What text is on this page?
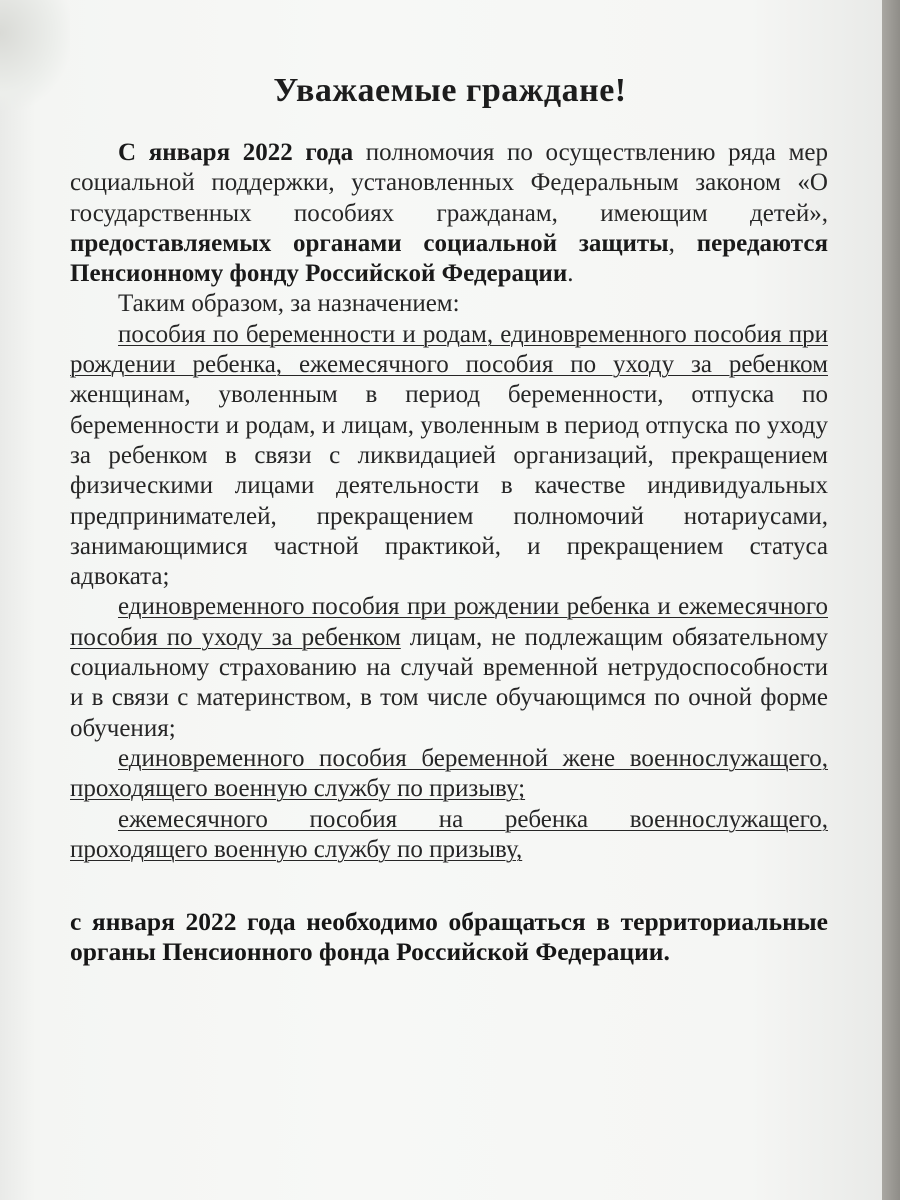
Уважаемые граждане!

С января 2022 года полномочия по осуществлению ряда мер социальной поддержки, установленных Федеральным законом «О государственных пособиях гражданам, имеющим детей», предоставляемых органами социальной защиты, передаются Пенсионному фонду Российской Федерации.

Таким образом, за назначением:

пособия по беременности и родам, единовременного пособия при рождении ребенка, ежемесячного пособия по уходу за ребенком женщинам, уволенным в период беременности, отпуска по беременности и родам, и лицам, уволенным в период отпуска по уходу за ребенком в связи с ликвидацией организаций, прекращением физическими лицами деятельности в качестве индивидуальных предпринимателей, прекращением полномочий нотариусами, занимающимися частной практикой, и прекращением статуса адвоката;

единовременного пособия при рождении ребенка и ежемесячного пособия по уходу за ребенком лицам, не подлежащим обязательному социальному страхованию на случай временной нетрудоспособности и в связи с материнством, в том числе обучающимся по очной форме обучения;

единовременного пособия беременной жене военнослужащего, проходящего военную службу по призыву;

ежемесячного пособия на ребенка военнослужащего, проходящего военную службу по призыву,

с января 2022 года необходимо обращаться в территориальные органы Пенсионного фонда Российской Федерации.
